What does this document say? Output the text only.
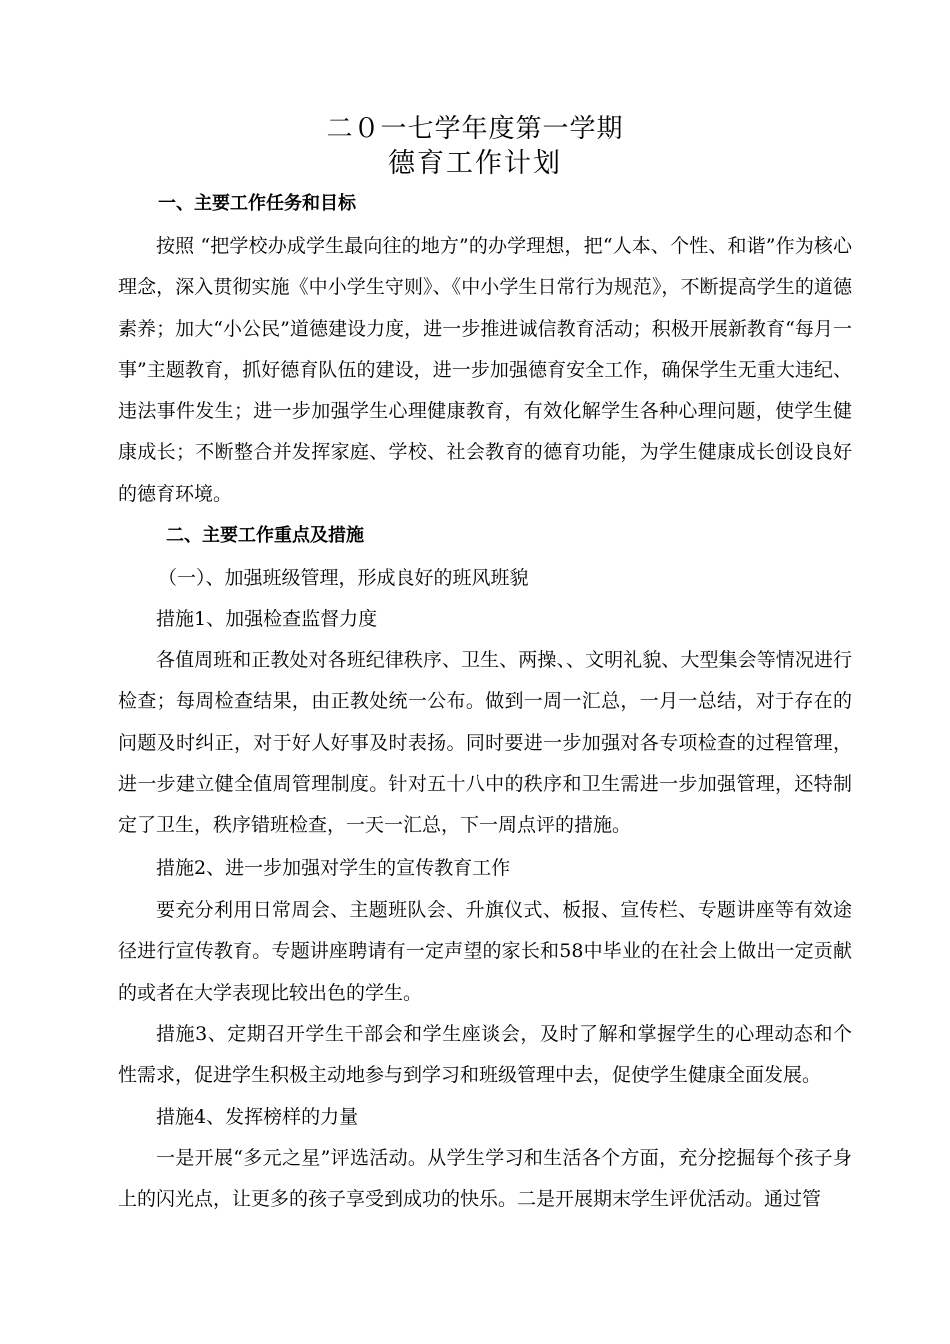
二０一七学年度第一学期
德育工作计划
一、主要工作任务和目标
按照 “把学校办成学生最向往的地方”的办学理想，把“人本、个性、和谐”作为核心理念，深入贯彻实施《中小学生守则》、《中小学生日常行为规范》，不断提高学生的道德素养；加大“小公民”道德建设力度，进一步推进诚信教育活动；积极开展新教育“每月一事”主题教育，抓好德育队伍的建设，进一步加强德育安全工作，确保学生无重大违纪、违法事件发生；进一步加强学生心理健康教育，有效化解学生各种心理问题，使学生健康成长；不断整合并发挥家庭、学校、社会教育的德育功能，为学生健康成长创设良好的德育环境。
二、主要工作重点及措施
（一）、加强班级管理，形成良好的班风班貌
措施1、加强检查监督力度
各值周班和正教处对各班纪律秩序、卫生、两操、、文明礼貌、大型集会等情况进行检查；每周检查结果，由正教处统一公布。做到一周一汇总，一月一总结，对于存在的问题及时纠正，对于好人好事及时表扬。同时要进一步加强对各专项检查的过程管理，进一步建立健全值周管理制度。针对五十八中的秩序和卫生需进一步加强管理，还特制定了卫生，秩序错班检查，一天一汇总，下一周点评的措施。
措施2、进一步加强对学生的宣传教育工作
要充分利用日常周会、主题班队会、升旗仪式、板报、宣传栏、专题讲座等有效途径进行宣传教育。专题讲座聘请有一定声望的家长和58中毕业的在社会上做出一定贡献的或者在大学表现比较出色的学生。
措施3、定期召开学生干部会和学生座谈会，及时了解和掌握学生的心理动态和个性需求，促进学生积极主动地参与到学习和班级管理中去，促使学生健康全面发展。
措施4、发挥榜样的力量
一是开展“多元之星”评选活动。从学生学习和生活各个方面，充分挖掘每个孩子身上的闪光点，让更多的孩子享受到成功的快乐。二是开展期末学生评优活动。通过管
